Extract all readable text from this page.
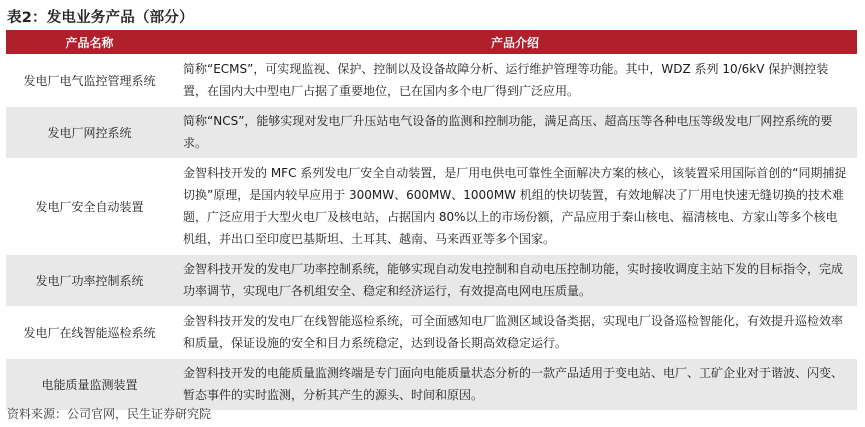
表2：发电业务产品（部分）
产品名称	产品介绍
发电厂电气监控管理系统	简称“ECMS”，可实现监视、保护、控制以及设备故障分析、运行维护管理等功能。其中，WDZ 系列 10/6kV 保护测控装置，在国内大中型电厂占据了重要地位，已在国内多个电厂得到广泛应用。
发电厂网控系统	简称“NCS”，能够实现对发电厂升压站电气设备的监测和控制功能，满足高压、超高压等各种电压等级发电厂网控系统的要求。
发电厂安全自动装置	金智科技开发的 MFC 系列发电厂安全自动装置，是厂用电供电可靠性全面解决方案的核心，该装置采用国际首创的“同期捕捉切换”原理，是国内较早应用于 300MW、600MW、1000MW 机组的快切装置，有效地解决了厂用电快速无缝切换的技术难题，广泛应用于大型火电厂及核电站，占据国内 80%以上的市场份额，产品应用于秦山核电、福清核电、方家山等多个核电机组，并出口至印度巴基斯坦、土耳其、越南、马来西亚等多个国家。
发电厂功率控制系统	金智科技开发的发电厂功率控制系统，能够实现自动发电控制和自动电压控制功能，实时接收调度主站下发的目标指令，完成功率调节，实现电厂各机组安全、稳定和经济运行，有效提高电网电压质量。
发电厂在线智能巡检系统	金智科技开发的发电厂在线智能巡检系统，可全面感知电厂监测区域设备类据，实现电厂设备巡检智能化，有效提升巡检效率和质量，保证设施的安全和目力系统稳定，达到设备长期高效稳定运行。
电能质量监测装置	金智科技开发的电能质量监测终端是专门面向电能质量状态分析的一款产品适用于变电站、电厂、工矿企业对于谐波、闪变、暂态事件的实时监测，分析其产生的源头、时间和原因。
资料来源：公司官网，民生证券研究院
